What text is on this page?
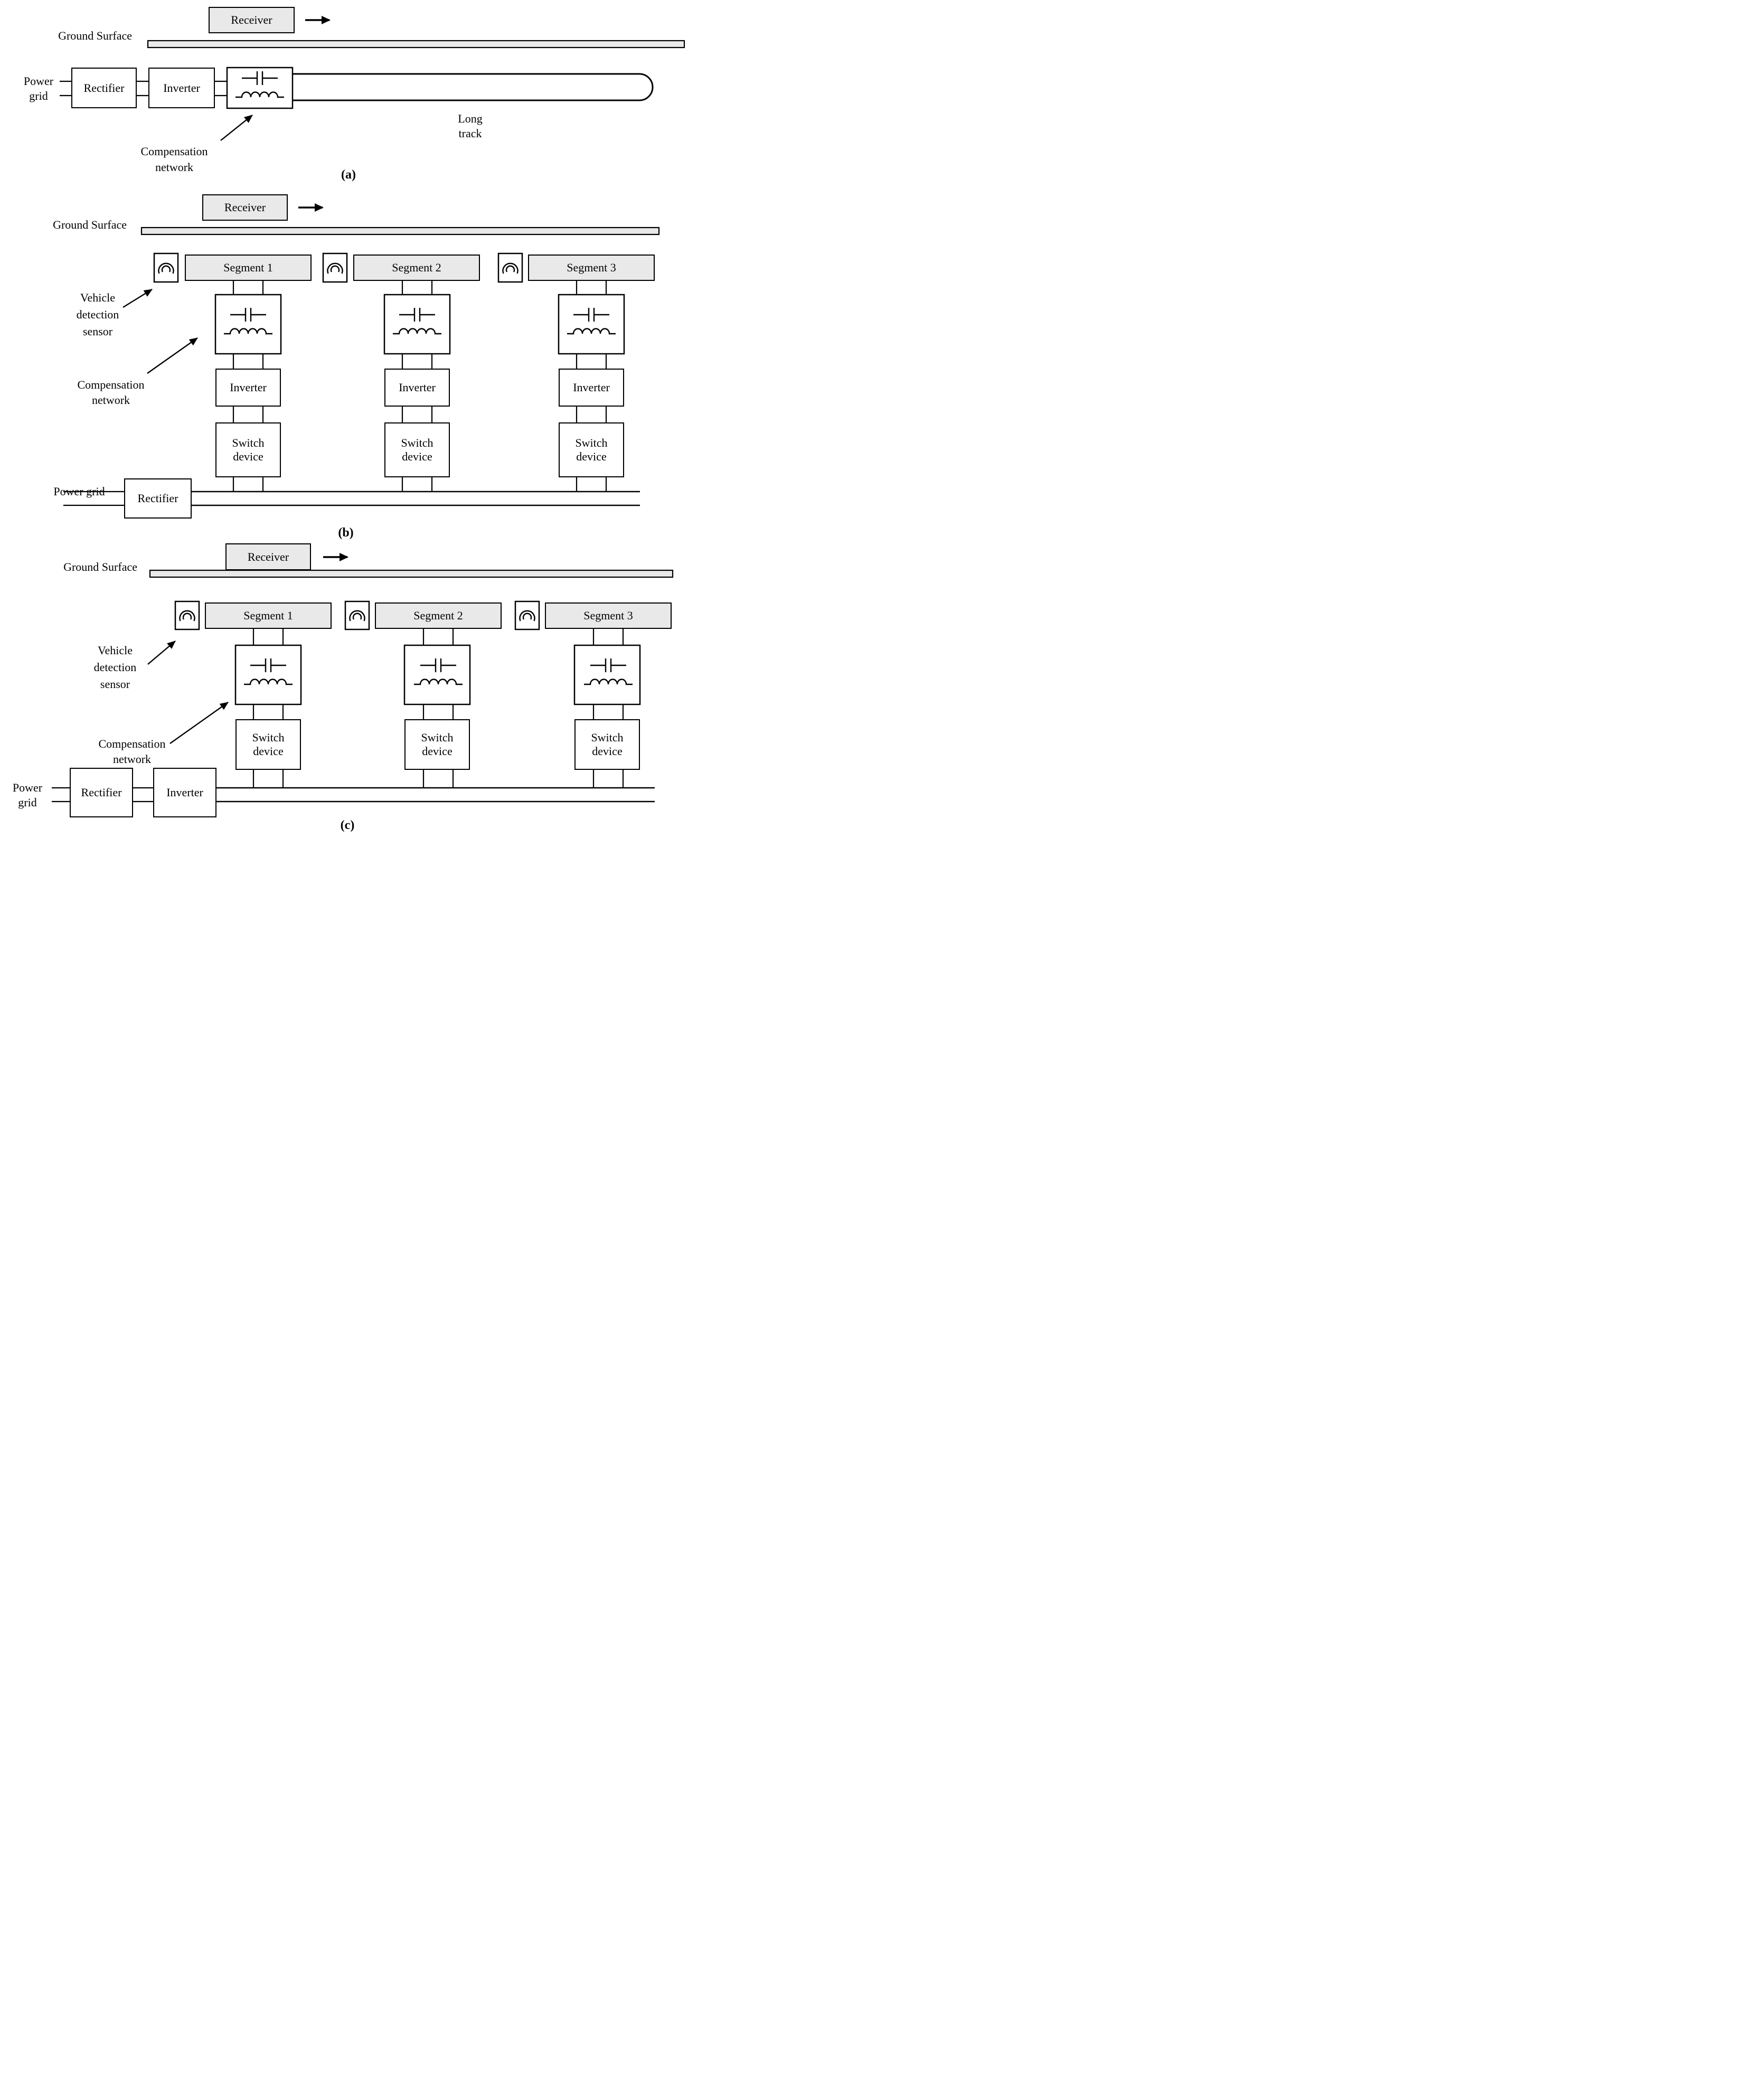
Receiver
Ground Surface
Power grid
Rectifier	Inverter
Long track
Compensation network
(a)
Receiver
Ground Surface
Segment 1	Segment 2	Segment 3
Vehicle detection sensor
Compensation network
Inverter	Inverter	Inverter
Switch device
Switch device
Switch device
Power grid
Rectifier
(b)
Receiver
Ground Surface
Segment 1	Segment 2	Segment 3
Vehicle detection sensor
Compensation network
Switch device
Switch device
Switch device
Power grid
Rectifier	Inverter
(c)
